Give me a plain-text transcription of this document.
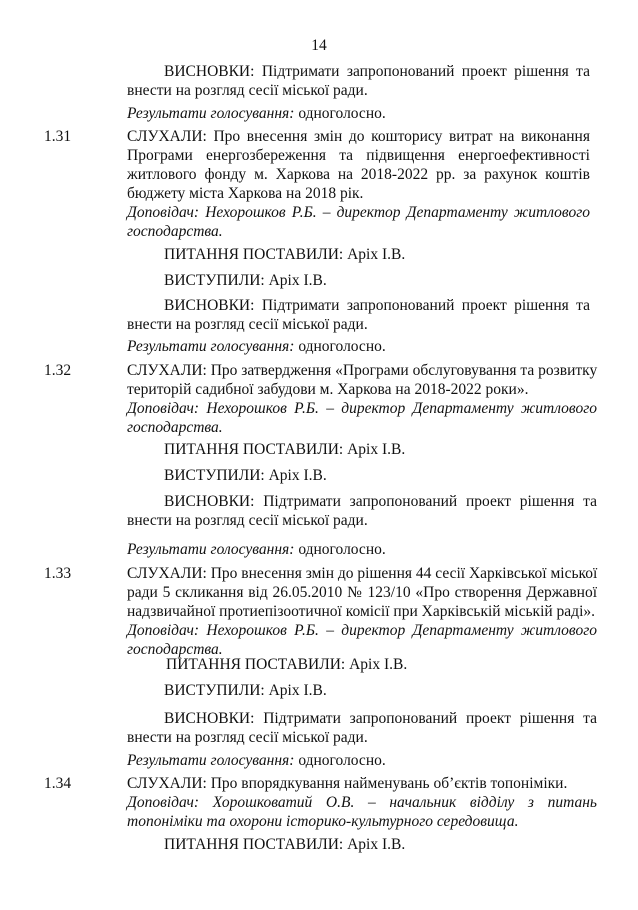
14
ВИСНОВКИ: Підтримати запропонований проект рішення та
внести на розгляд сесії міської ради.
Результати голосування: одноголосно.
1.31	СЛУХАЛИ: Про внесення змін до кошторису витрат на виконання
Програми енергозбереження та підвищення енергоефективності
житлового фонду м. Харкова на 2018-2022 рр. за рахунок коштів
бюджету міста Харкова на 2018 рік.
Доповідач: Нехорошков Р.Б. – директор Департаменту житлового
господарства.
ПИТАННЯ ПОСТАВИЛИ: Аріх І.В.
ВИСТУПИЛИ: Аріх І.В.
ВИСНОВКИ: Підтримати запропонований проект рішення та
внести на розгляд сесії міської ради.
Результати голосування: одноголосно.
1.32	СЛУХАЛИ: Про затвердження «Програми обслуговування та розвитку
територій садибної забудови м. Харкова на 2018-2022 роки».
Доповідач: Нехорошков Р.Б. – директор Департаменту житлового
господарства.
ПИТАННЯ ПОСТАВИЛИ: Аріх І.В.
ВИСТУПИЛИ: Аріх І.В.
ВИСНОВКИ: Підтримати запропонований проект рішення та
внести на розгляд сесії міської ради.
Результати голосування: одноголосно.
1.33	СЛУХАЛИ: Про внесення змін до рішення 44 сесії Харківської міської
ради 5 скликання від 26.05.2010 № 123/10 «Про створення Державної
надзвичайної протиепізоотичної комісії при Харківській міській раді».
Доповідач: Нехорошков Р.Б. – директор Департаменту житлового
господарства.
ПИТАННЯ ПОСТАВИЛИ: Аріх І.В.
ВИСТУПИЛИ: Аріх І.В.
ВИСНОВКИ: Підтримати запропонований проект рішення та
внести на розгляд сесії міської ради.
Результати голосування: одноголосно.
1.34	СЛУХАЛИ: Про впорядкування найменувань об’єктів топоніміки.
Доповідач: Хорошковатий О.В. – начальник відділу з питань
топоніміки та охорони історико-культурного середовища.
ПИТАННЯ ПОСТАВИЛИ: Аріх І.В.
